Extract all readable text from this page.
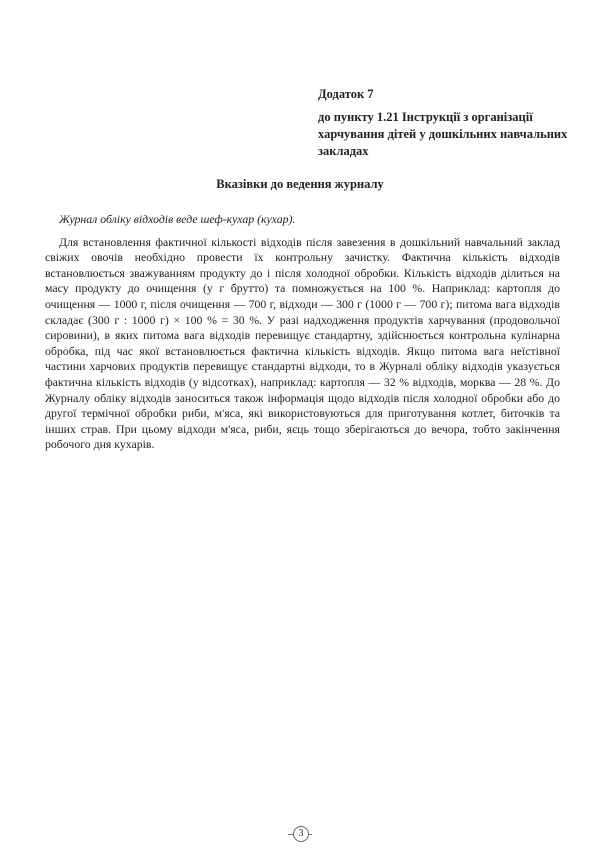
Додаток 7
до пункту 1.21 Інструкції з організації харчування дітей у дошкільних навчальних закладах
Вказівки до ведення журналу

Журнал обліку відходів веде шеф-кухар (кухар).

Для встановлення фактичної кількості відходів після завезення в дошкільний навчальний заклад свіжих овочів необхідно провести їх контрольну зачистку. Фактична кількість відходів встановлюється зважуванням продукту до і після холодної обробки. Кількість відходів ділиться на масу продукту до очищення (у г брутто) та помножується на 100 %. Наприклад: картопля до очищення — 1000 г, після очищення — 700 г, відходи — 300 г (1000 г — 700 г); питома вага відходів складає (300 г : 1000 г) × 100 % = 30 %. У разі надходження продуктів харчування (продовольчої сировини), в яких питома вага відходів перевищує стандартну, здійснюється контрольна кулінарна обробка, під час якої встановлюється фактична кількість відходів. Якщо питома вага неїстівної частини харчових продуктів перевищує стандартні відходи, то в Журналі обліку відходів указується фактична кількість відходів (у відсотках), наприклад: картопля — 32 % відходів, морква — 28 %. До Журналу обліку відходів заноситься також інформація щодо відходів після холодної обробки або до другої термічної обробки риби, м'яса, які використовуються для приготування котлет, биточків та інших страв. При цьому відходи м'яса, риби, яєць тощо зберігаються до вечора, тобто закінчення робочого дня кухарів.

3
